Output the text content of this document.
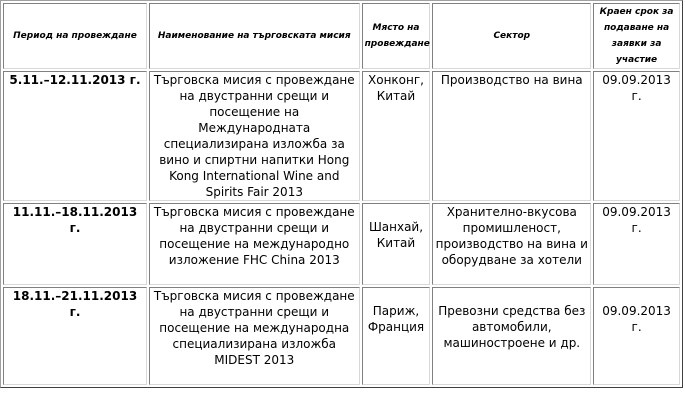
Период на провеждане	Наименование на търговската мисия	Място на провеждане	Сектор	Краен срок за подаване на заявки за участие
5.11.–12.11.2013 г.	Търговска мисия с провеждане на двустранни срещи и посещение на Международната специализирана изложба за вино и спиртни напитки Hong Kong International Wine and Spirits Fair 2013	Хонконг, Китай	Производство на вина	09.09.2013 г.
11.11.–18.11.2013 г.	Търговска мисия с провеждане на двустранни срещи и посещение на международно изложение FHC China 2013	Шанхай, Китай	Хранително-вкусова промишленост, производство на вина и оборудване за хотели	09.09.2013 г.
18.11.–21.11.2013 г.	Търговска мисия с провеждане на двустранни срещи и посещение на международна специализирана изложба MIDEST 2013	Париж, Франция	Превозни средства без автомобили, машиностроене и др.	09.09.2013 г.
